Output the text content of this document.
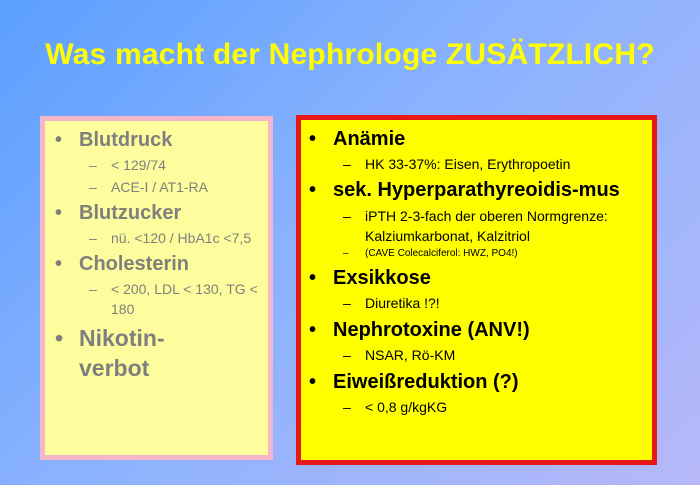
Was macht der Nephrologe ZUSÄTZLICH?
• Blutdruck
–	< 129/74
–	ACE-I / AT1-RA
• Blutzucker
–	nü. <120 / HbA1c <7,5
• Cholesterin
–	< 200, LDL < 130, TG < 180
• Nikotin-verbot
• Anämie
–	HK 33-37%: Eisen, Erythropoetin
• sek. Hyperparathyreoidis-mus
–	iPTH 2-3-fach der oberen Normgrenze: Kalziumkarbonat, Kalzitriol
–	(CAVE Colecalciferol: HWZ, PO4!)
• Exsikkose
–	Diuretika !?!
• Nephrotoxine (ANV!)
–	NSAR, Rö-KM
• Eiweißreduktion (?)
–	< 0,8 g/kgKG
